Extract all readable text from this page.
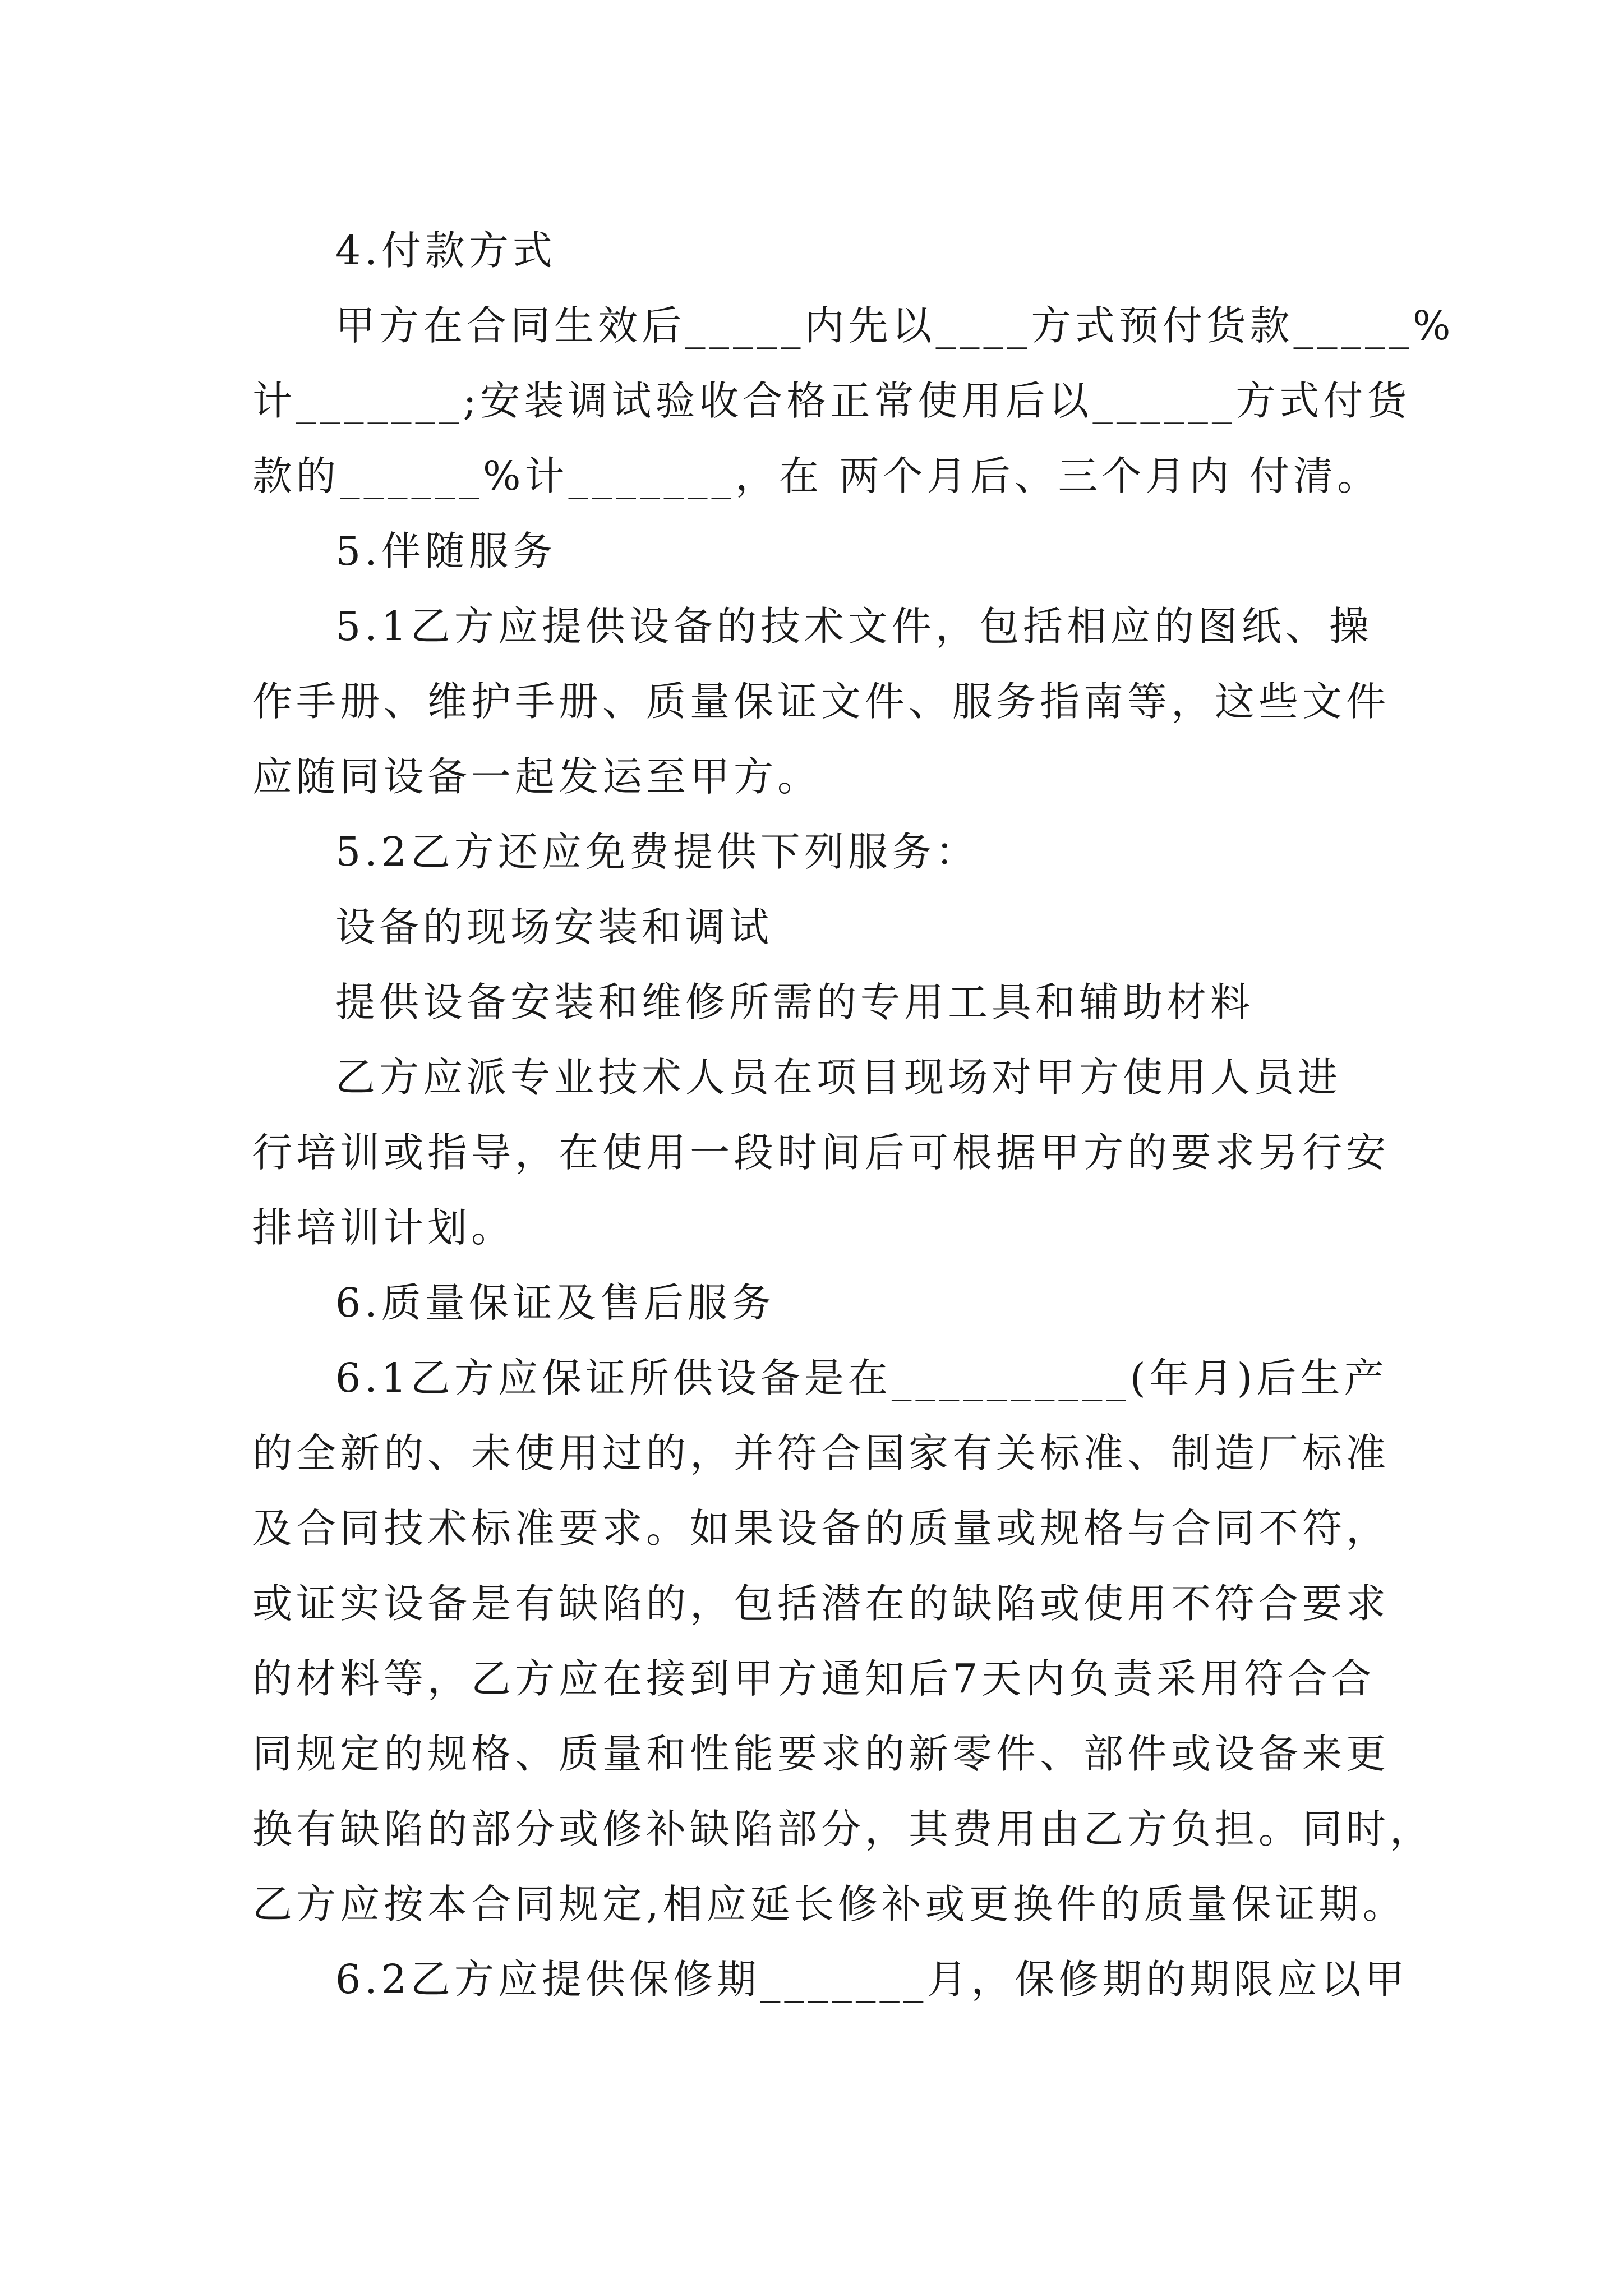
4.付款方式
甲方在合同生效后_____内先以____方式预付货款_____%
计_______;安装调试验收合格正常使用后以______方式付货
款的______%计_______，在 两个月后、三个月内 付清。
5.伴随服务
5.1乙方应提供设备的技术文件，包括相应的图纸、操
作手册、维护手册、质量保证文件、服务指南等，这些文件
应随同设备一起发运至甲方。
5.2乙方还应免费提供下列服务：
设备的现场安装和调试
提供设备安装和维修所需的专用工具和辅助材料
乙方应派专业技术人员在项目现场对甲方使用人员进
行培训或指导，在使用一段时间后可根据甲方的要求另行安
排培训计划。
6.质量保证及售后服务
6.1乙方应保证所供设备是在__________(年月)后生产
的全新的、未使用过的，并符合国家有关标准、制造厂标准
及合同技术标准要求。如果设备的质量或规格与合同不符，
或证实设备是有缺陷的，包括潜在的缺陷或使用不符合要求
的材料等，乙方应在接到甲方通知后7天内负责采用符合合
同规定的规格、质量和性能要求的新零件、部件或设备来更
换有缺陷的部分或修补缺陷部分，其费用由乙方负担。同时，
乙方应按本合同规定,相应延长修补或更换件的质量保证期。
6.2乙方应提供保修期_______月，保修期的期限应以甲
